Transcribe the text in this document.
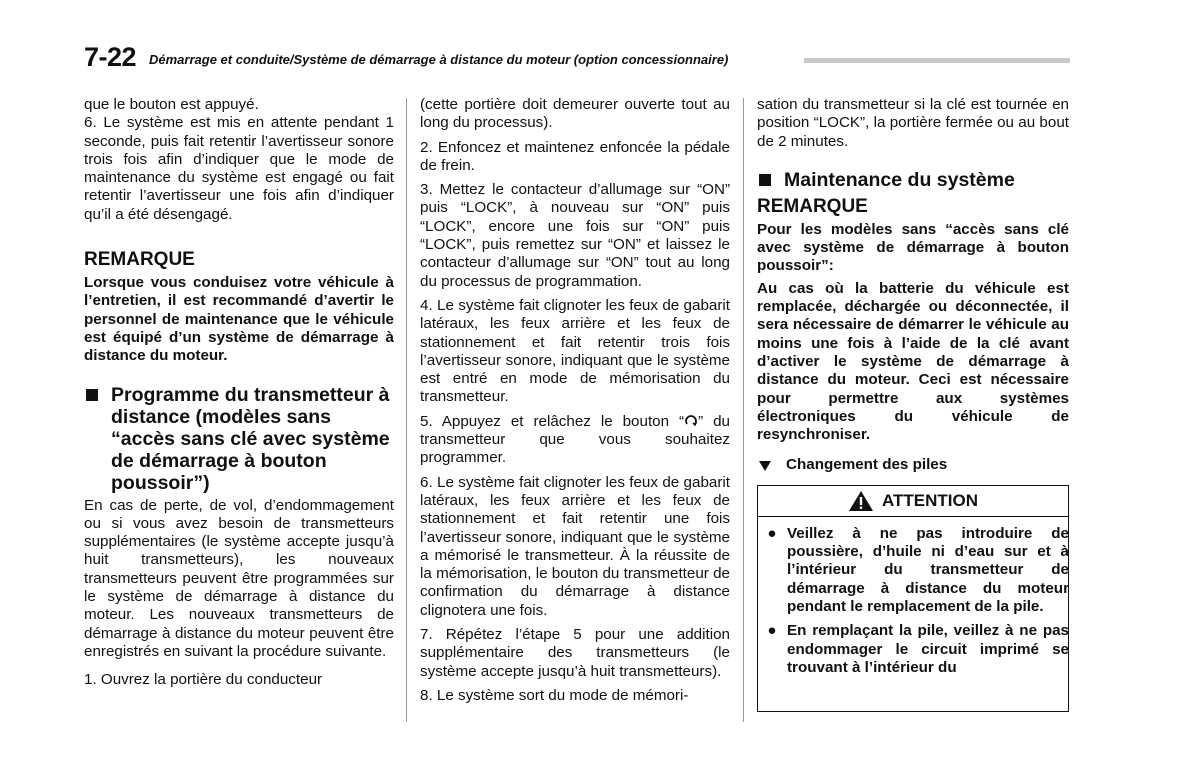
7-22 Démarrage et conduite/Système de démarrage à distance du moteur (option concessionnaire)

que le bouton est appuyé.

6. Le système est mis en attente pendant 1 seconde, puis fait retentir l’avertisseur sonore trois fois afin d’indiquer que le mode de maintenance du système est engagé ou fait retentir l’avertisseur une fois afin d’indiquer qu’il a été désengagé.

REMARQUE

Lorsque vous conduisez votre véhicule à l’entretien, il est recommandé d’avertir le personnel de maintenance que le véhicule est équipé d’un système de démarrage à distance du moteur.

Programme du transmetteur à distance (modèles sans “accès sans clé avec système de démarrage à bouton poussoir”)

En cas de perte, de vol, d’endommagement ou si vous avez besoin de transmetteurs supplémentaires (le système accepte jusqu’à huit transmetteurs), les nouveaux transmetteurs peuvent être programmées sur le système de démarrage à distance du moteur. Les nouveaux transmetteurs de démarrage à distance du moteur peuvent être enregistrés en suivant la procédure suivante.

1. Ouvrez la portière du conducteur

(cette portière doit demeurer ouverte tout au long du processus).

2. Enfoncez et maintenez enfoncée la pédale de frein.

3. Mettez le contacteur d’allumage sur “ON” puis “LOCK”, à nouveau sur “ON” puis “LOCK”, encore une fois sur “ON” puis “LOCK”, puis remettez sur “ON” et laissez le contacteur d’allumage sur “ON” tout au long du processus de programmation.

4. Le système fait clignoter les feux de gabarit latéraux, les feux arrière et les feux de stationnement et fait retentir trois fois l’avertisseur sonore, indiquant que le système est entré en mode de mémorisation du transmetteur.

5. Appuyez et relâchez le bouton “ ” du transmetteur que vous souhaitez programmer.

6. Le système fait clignoter les feux de gabarit latéraux, les feux arrière et les feux de stationnement et fait retentir une fois l’avertisseur sonore, indiquant que le système a mémorisé le transmetteur. À la réussite de la mémorisation, le bouton du transmetteur de confirmation du démarrage à distance clignotera une fois.

7. Répétez l’étape 5 pour une addition supplémentaire des transmetteurs (le système accepte jusqu’à huit transmetteurs).

8. Le système sort du mode de mémori-

sation du transmetteur si la clé est tournée en position “LOCK”, la portière fermée ou au bout de 2 minutes.

Maintenance du système
REMARQUE

Pour les modèles sans “accès sans clé avec système de démarrage à bouton poussoir”:

Au cas où la batterie du véhicule est remplacée, déchargée ou déconnectée, il sera nécessaire de démarrer le véhicule au moins une fois à l’aide de la clé avant d’activer le système de démarrage à distance du moteur. Ceci est nécessaire pour permettre aux systèmes électroniques du véhicule de resynchroniser.

Changement des piles
ATTENTION
● Veillez à ne pas introduire de poussière, d’huile ni d’eau sur et à l’intérieur du transmetteur de démarrage à distance du moteur pendant le remplacement de la pile.
● En remplaçant la pile, veillez à ne pas endommager le circuit imprimé se trouvant à l’intérieur du
